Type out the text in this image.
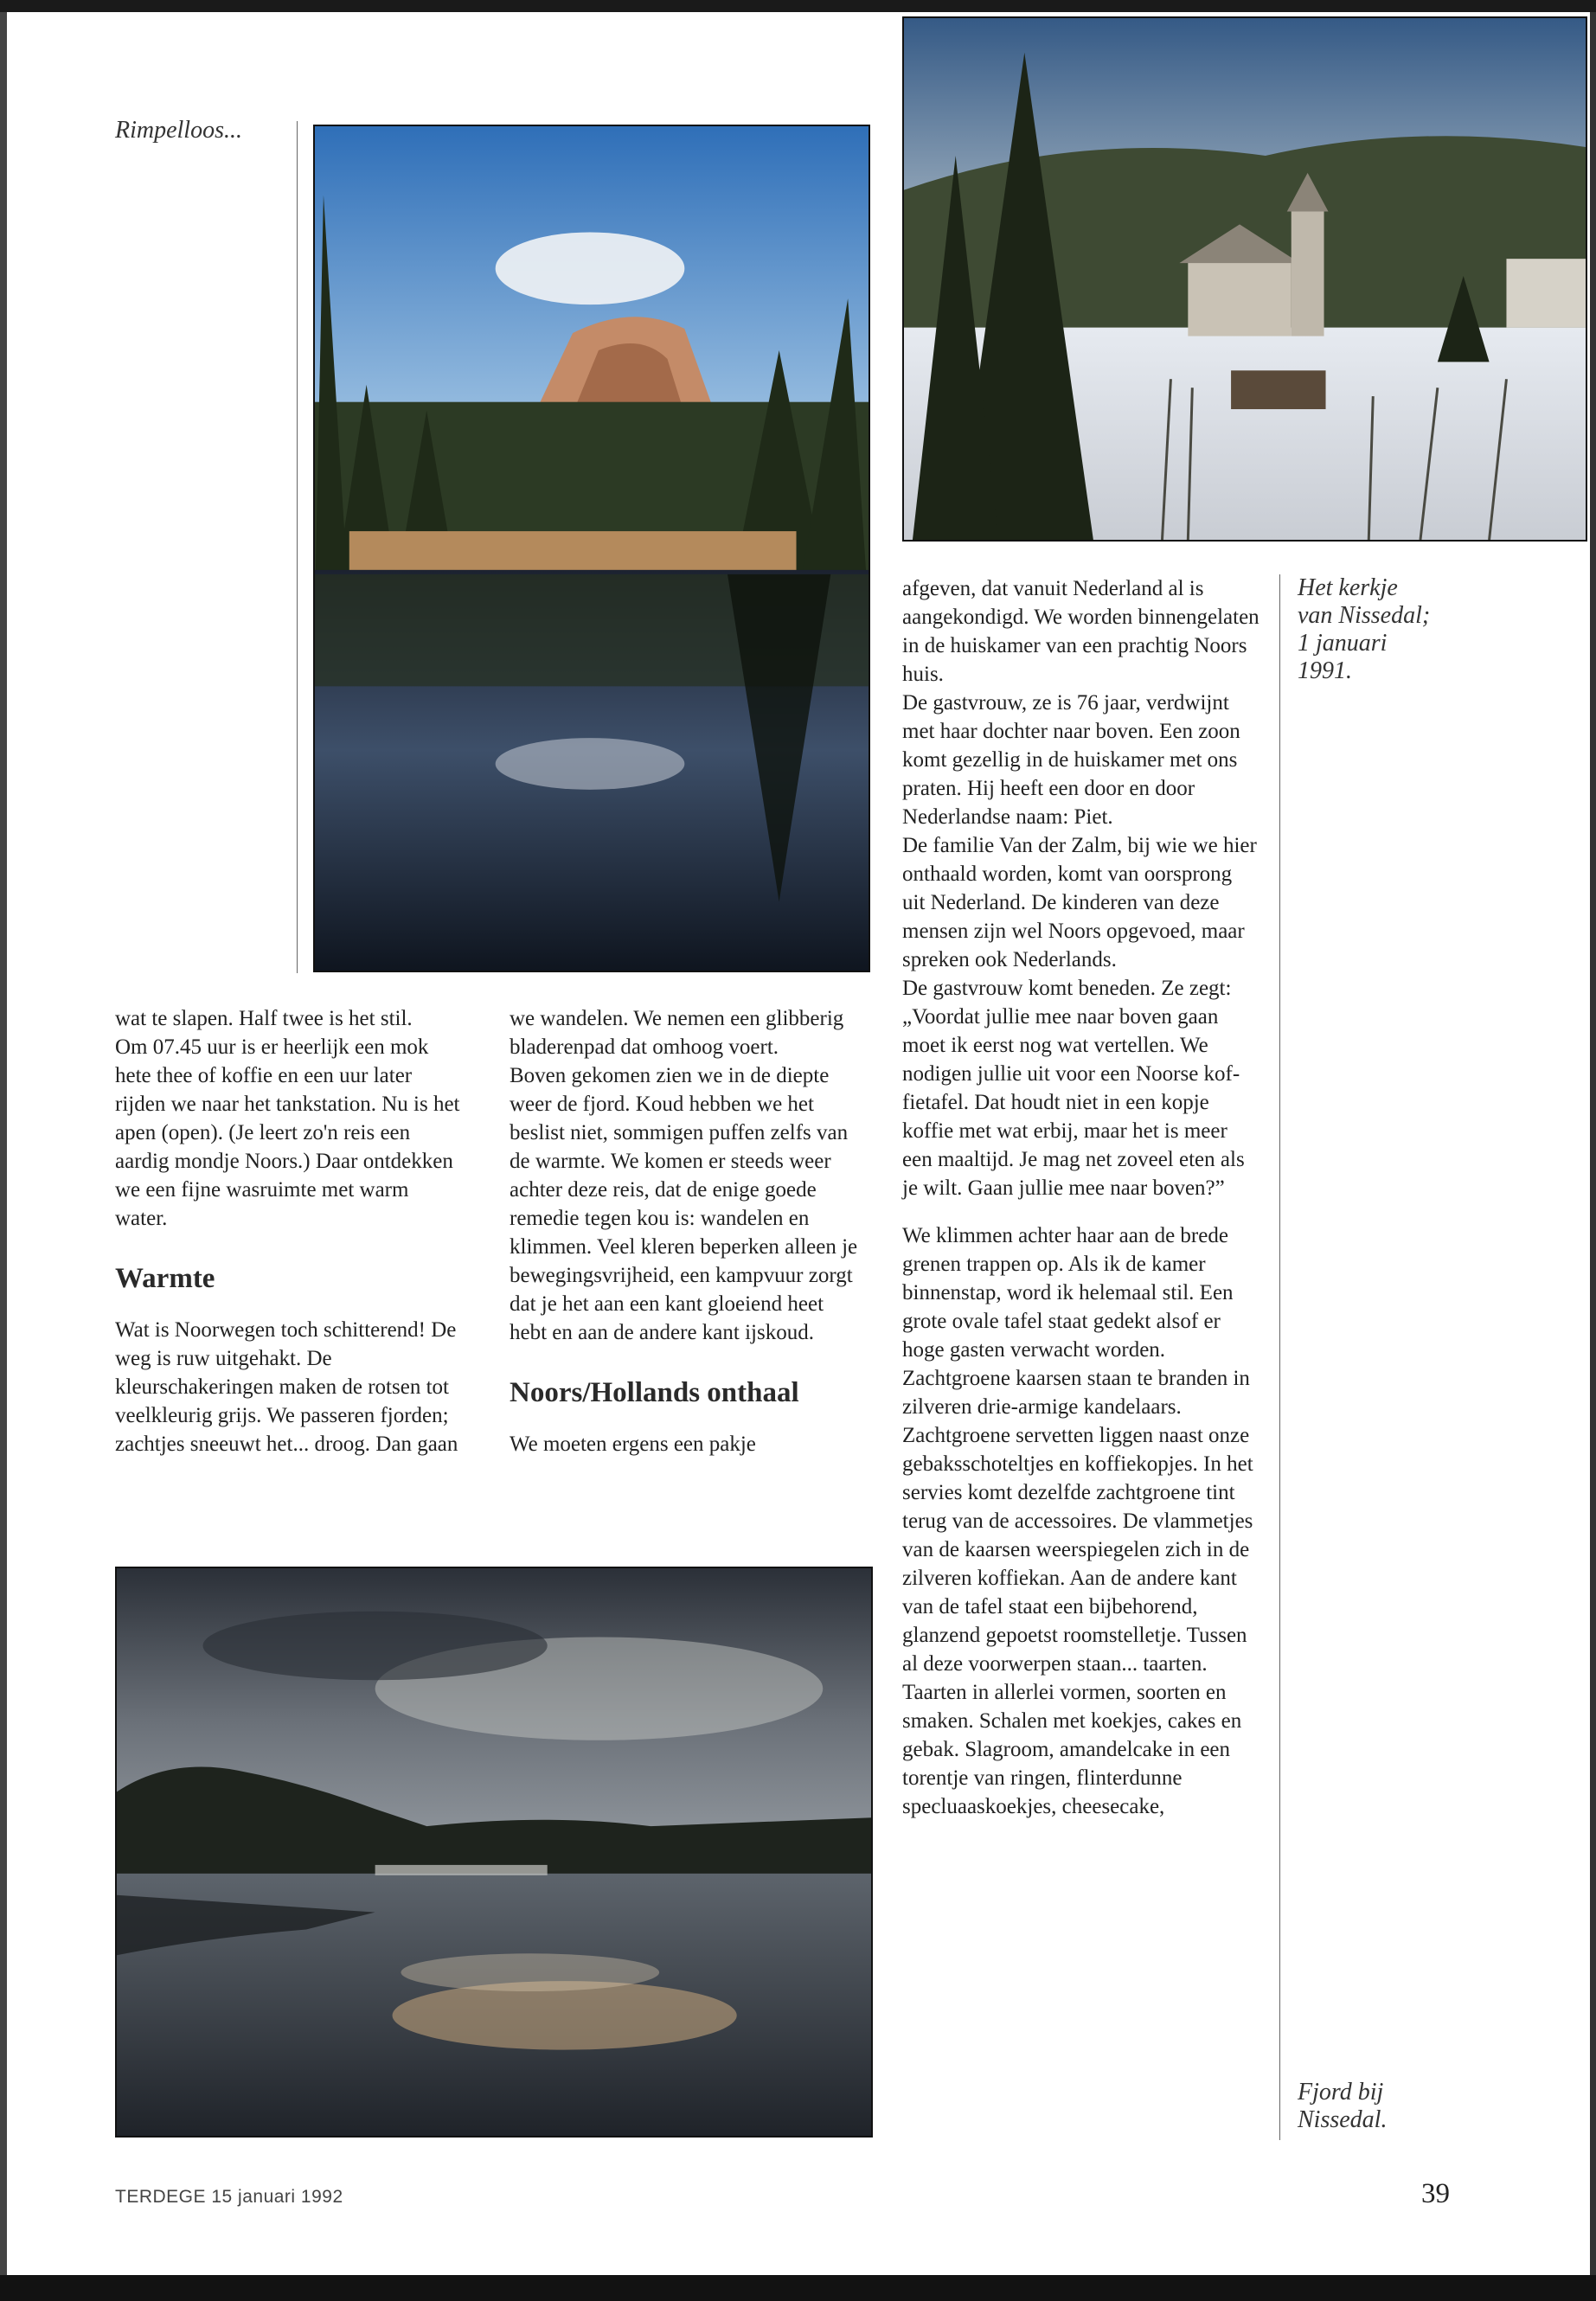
Rimpelloos...

wat te slapen. Half twee is het stil.

Om 07.45 uur is er heerlijk een mok hete thee of koffie en een uur later rijden we naar het tankstation. Nu is het apen (open). (Je leert zo'n reis een aardig mondje Noors.) Daar ontdekken we een fijne wasruimte met warm water.

Warmte

Wat is Noorwegen toch schitterend! De weg is ruw uitgehakt. De kleurschakeringen maken de rotsen tot veelkleurig grijs. We passeren fjorden; zachtjes sneeuwt het... droog. Dan gaan

we wandelen. We nemen een glibberig bladerenpad dat omhoog voert.

Boven gekomen zien we in de diepte weer de fjord. Koud hebben we het beslist niet, sommigen puffen zelfs van de warmte. We komen er steeds weer achter deze reis, dat de enige goede remedie tegen kou is: wandelen en klimmen. Veel kleren beperken alleen je bewegingsvrijheid, een kampvuur zorgt dat je het aan een kant gloeiend heet hebt en aan de andere kant ijskoud.

Noors/Hollands onthaal

We moeten ergens een pakje

afgeven, dat vanuit Nederland al is aangekondigd. We worden binnengelaten in de huiskamer van een prachtig Noors huis.

De gastvrouw, ze is 76 jaar, verdwijnt met haar dochter naar boven. Een zoon komt gezellig in de huiskamer met ons praten. Hij heeft een door en door Nederlandse naam: Piet.

De familie Van der Zalm, bij wie we hier onthaald worden, komt van oorsprong uit Nederland. De kinderen van deze mensen zijn wel Noors opgevoed, maar spreken ook Nederlands.

De gastvrouw komt beneden. Ze zegt: „Voordat jullie mee naar boven gaan moet ik eerst nog wat vertellen. We nodigen jullie uit voor een Noorse koffietafel. Dat houdt niet in een kopje koffie met wat erbij, maar het is meer een maaltijd. Je mag net zoveel eten als je wilt. Gaan jullie mee naar boven?”

We klimmen achter haar aan de brede grenen trappen op. Als ik de kamer binnenstap, word ik helemaal stil. Een grote ovale tafel staat gedekt alsof er hoge gasten verwacht worden. Zachtgroene kaarsen staan te branden in zilveren drie-armige kandelaars. Zachtgroene servetten liggen naast onze gebaksschoteltjes en koffiekopjes. In het servies komt dezelfde zachtgroene tint terug van de accessoires. De vlammetjes van de kaarsen weerspiegelen zich in de zilveren koffiekan. Aan de andere kant van de tafel staat een bijbehorend, glanzend gepoetst roomstelletje. Tussen al deze voorwerpen staan... taarten. Taarten in allerlei vormen, soorten en smaken. Schalen met koekjes, cakes en gebak. Slagroom, amandelcake in een torentje van ringen, flinterdunne specluaaskoekjes, cheesecake,

Het kerkje
van Nissedal;
1 januari
1991.
Fjord bij
Nissedal.
TERDEGE 15 januari 1992	39
